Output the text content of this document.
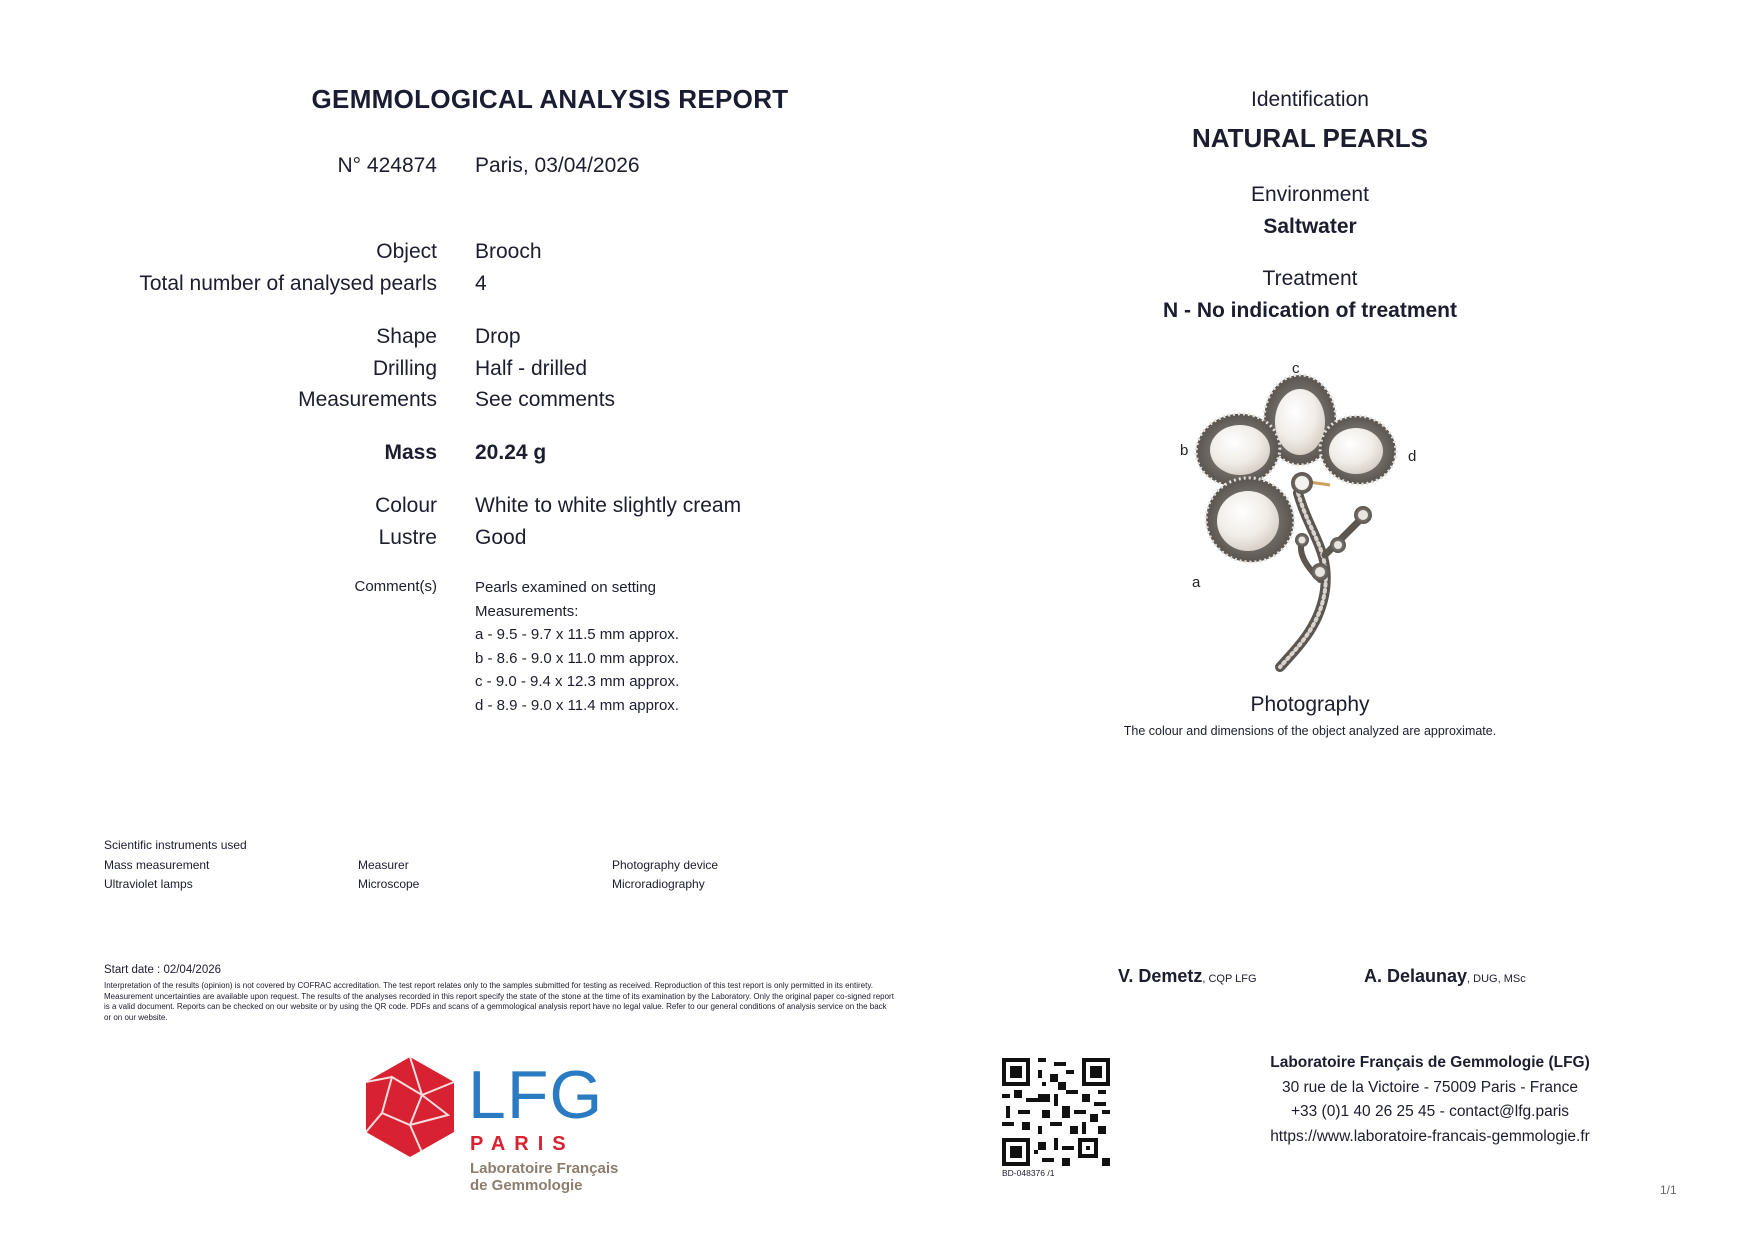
GEMMOLOGICAL ANALYSIS REPORT
N° 424874 Paris, 03/04/2026
Object Brooch
Total number of analysed pearls 4
Shape Drop
Drilling Half - drilled
Measurements See comments
Mass 20.24 g
Colour White to white slightly cream
Lustre Good
Comment(s)	Pearls examined on setting
Measurements:
a - 9.5 - 9.7 x 11.5 mm approx.
b - 8.6 - 9.0 x 11.0 mm approx.
c - 9.0 - 9.4 x 12.3 mm approx.
d - 8.9 - 9.0 x 11.4 mm approx.
Identification
NATURAL PEARLS
Environment
Saltwater
Treatment
N - No indication of treatment
c
b	d
a
Photography
The colour and dimensions of the object analyzed are approximate.
Scientific instruments used
Mass measurement	Measurer	Photography device
Ultraviolet lamps	Microscope	Microradiography
Start date : 02/04/2026
Interpretation of the results (opinion) is not covered by COFRAC accreditation. The test report relates only to the samples submitted for testing as received. Reproduction of this test report is only permitted in its entirety. Measurement uncertainties are available upon request. The results of the analyses recorded in this report specify the state of the stone at the time of its examination by the Laboratory. Only the original paper co-signed report is a valid document. Reports can be checked on our website or by using the QR code. PDFs and scans of a gemmological analysis report have no legal value. Refer to our general conditions of analysis service on the back or on our website.
V. Demetz, CQP LFG	A. Delaunay, DUG, MSc
LFG
PARIS
Laboratoire Français
de Gemmologie
BD-048376 /1
Laboratoire Français de Gemmologie (LFG)
30 rue de la Victoire - 75009 Paris - France
+33 (0)1 40 26 25 45 - contact@lfg.paris
https://www.laboratoire-francais-gemmologie.fr
1/1
